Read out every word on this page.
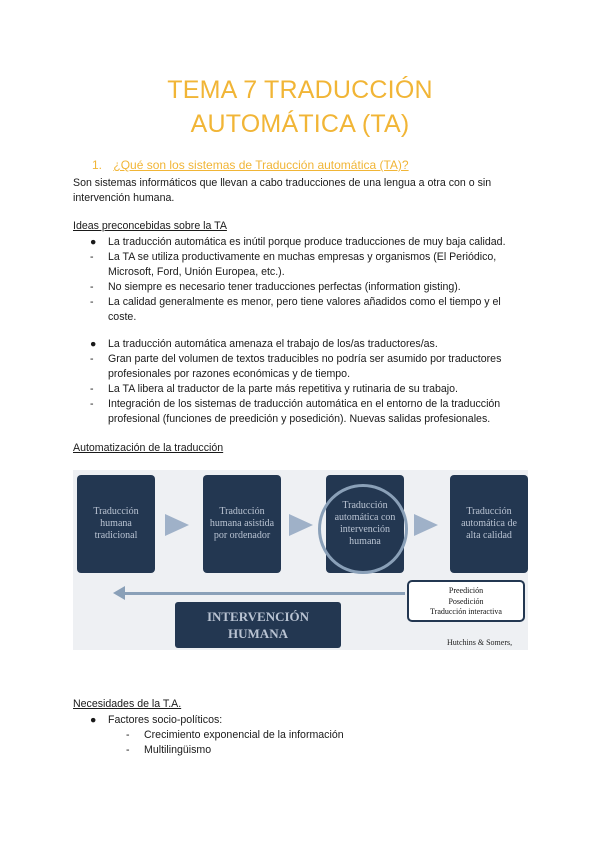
TEMA 7 TRADUCCIÓN
AUTOMÁTICA (TA)
1. ¿Qué son los sistemas de Traducción automática (TA)?
Son sistemas informáticos que llevan a cabo traducciones de una lengua a otra con o sin intervención humana.
Ideas preconcebidas sobre la TA
● La traducción automática es inútil porque produce traducciones de muy baja calidad.
- La TA se utiliza productivamente en muchas empresas y organismos (El Periódico, Microsoft, Ford, Unión Europea, etc.).
- No siempre es necesario tener traducciones perfectas (information gisting).
- La calidad generalmente es menor, pero tiene valores añadidos como el tiempo y el coste.
● La traducción automática amenaza el trabajo de los/as traductores/as.
- Gran parte del volumen de textos traducibles no podría ser asumido por traductores profesionales por razones económicas y de tiempo.
- La TA libera al traductor de la parte más repetitiva y rutinaria de su trabajo.
- Integración de los sistemas de traducción automática en el entorno de la traducción profesional (funciones de preedición y posedición). Nuevas salidas profesionales.
Automatización de la traducción
Traducción humana tradicional
Traducción humana asistida por ordenador
Traducción automática con intervención humana
Traducción automática de alta calidad
INTERVENCIÓN
HUMANA
Preedición
Posedición
Traducción interactiva
Hutchins & Somers,
Necesidades de la T.A.
● Factores socio-políticos:
- Crecimiento exponencial de la información
- Multilingüismo
